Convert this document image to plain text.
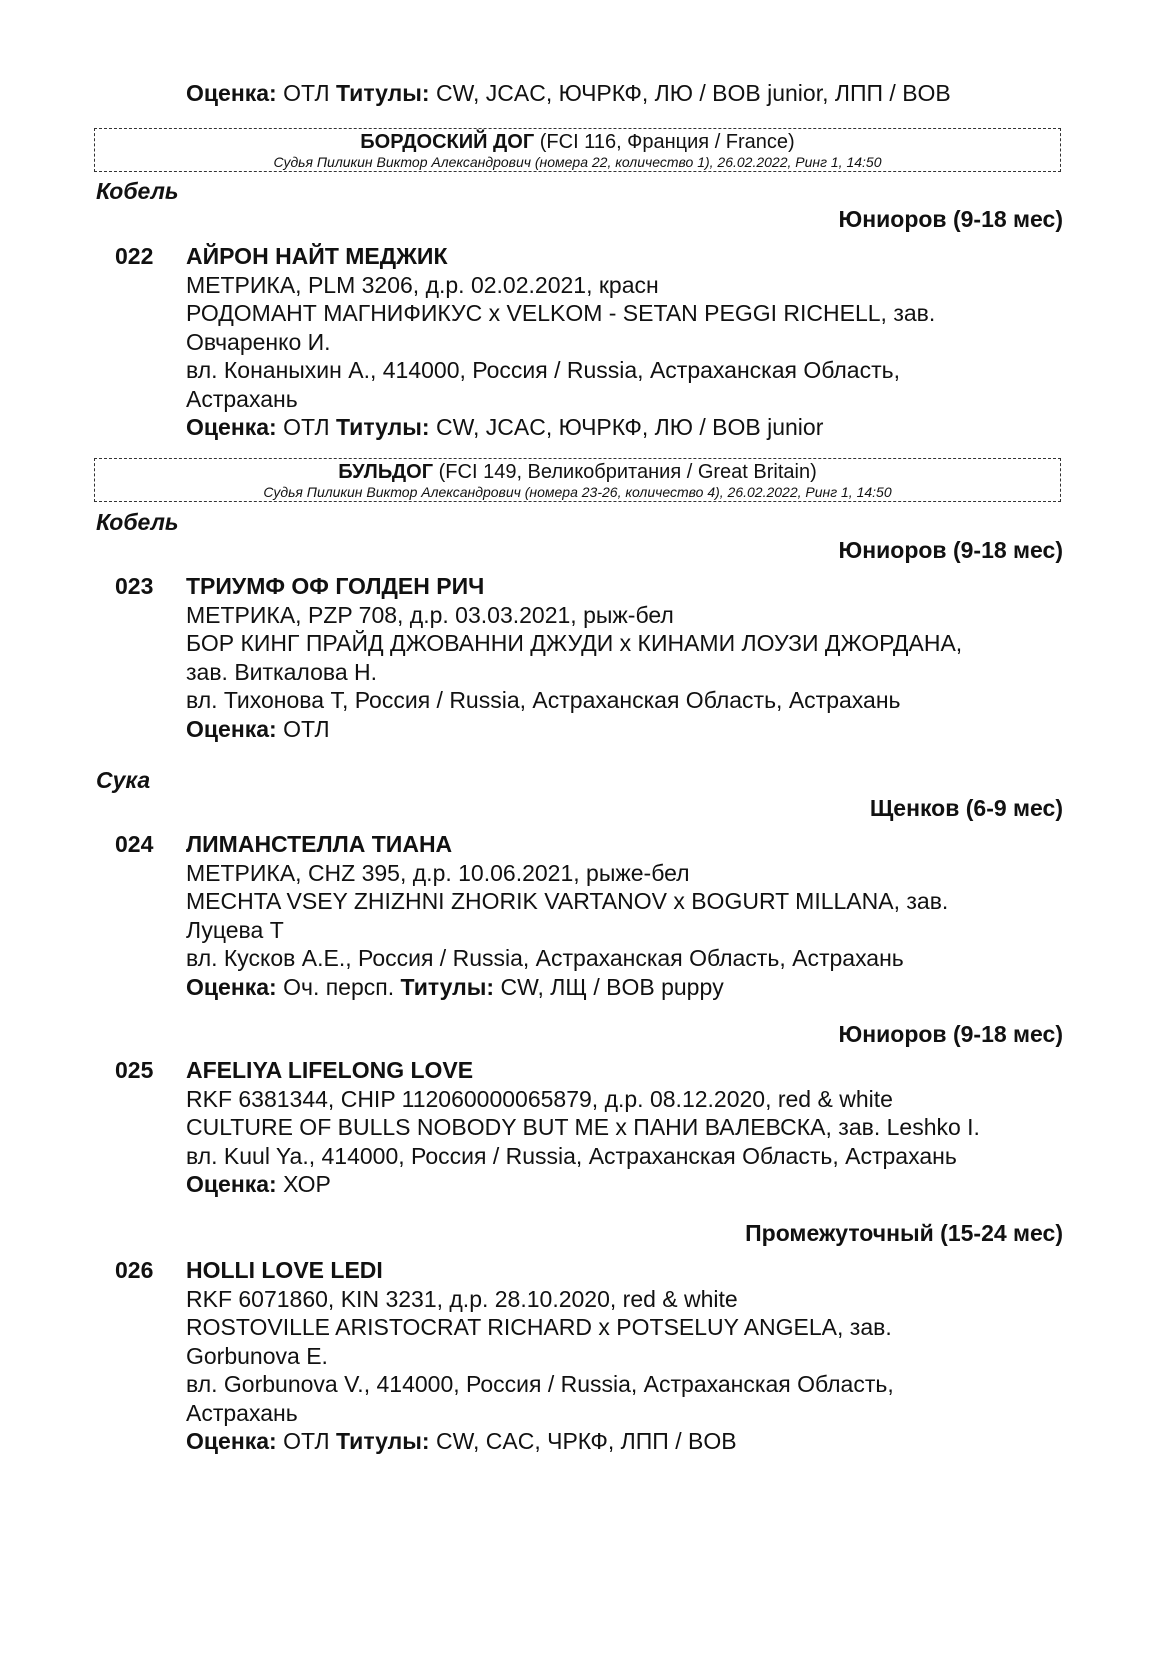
Оценка: ОТЛ Титулы: CW, JCAC, ЮЧРКФ, ЛЮ / BOB junior, ЛПП / BOB
БОРДОСКИЙ ДОГ (FCI 116, Франция / France)
Судья Пиликин Виктор Александрович (номера 22, количество 1), 26.02.2022, Ринг 1, 14:50
Кобель
Юниоров (9-18 мес)
022 АЙРОН НАЙТ МЕДЖИК
МЕТРИКА, PLM 3206, д.р. 02.02.2021, красн
РОДОМАНТ МАГНИФИКУС x VELKOM - SETAN PEGGI RICHELL, зав.
Овчаренко И.
вл. Конаныхин А., 414000, Россия / Russia, Астраханская Область,
Астрахань
Оценка: ОТЛ Титулы: CW, JCAC, ЮЧРКФ, ЛЮ / BOB junior
БУЛЬДОГ (FCI 149, Великобритания / Great Britain)
Судья Пиликин Виктор Александрович (номера 23-26, количество 4), 26.02.2022, Ринг 1, 14:50
Кобель
Юниоров (9-18 мес)
023 ТРИУМФ ОФ ГОЛДЕН РИЧ
МЕТРИКА, PZP 708, д.р. 03.03.2021, рыж-бел
БОР КИНГ ПРАЙД ДЖОВАННИ ДЖУДИ x КИНАМИ ЛОУЗИ ДЖОРДАНА,
зав. Виткалова Н.
вл. Тихонова Т, Россия / Russia, Астраханская Область, Астрахань
Оценка: ОТЛ
Сука
Щенков (6-9 мес)
024 ЛИМАНСТЕЛЛА ТИАНА
МЕТРИКА, CHZ 395, д.р. 10.06.2021, рыже-бел
MECHTA VSEY ZHIZHNI ZHORIK VARTANOV x BOGURT MILLANA, зав.
Луцева Т
вл. Кусков А.Е., Россия / Russia, Астраханская Область, Астрахань
Оценка: Оч. персп. Титулы: CW, ЛЩ / BOB puppy
Юниоров (9-18 мес)
025 AFELIYA LIFELONG LOVE
RKF 6381344, CHIP 112060000065879, д.р. 08.12.2020, red & white
CULTURE OF BULLS NOBODY BUT ME x ПАНИ ВАЛЕВСКА, зав. Leshko I.
вл. Kuul Ya., 414000, Россия / Russia, Астраханская Область, Астрахань
Оценка: ХОР
Промежуточный (15-24 мес)
026 HOLLI LOVE LEDI
RKF 6071860, KIN 3231, д.р. 28.10.2020, red & white
ROSTOVILLE ARISTOCRAT RICHARD x POTSELUY ANGELA, зав.
Gorbunova E.
вл. Gorbunova V., 414000, Россия / Russia, Астраханская Область,
Астрахань
Оценка: ОТЛ Титулы: CW, CAC, ЧРКФ, ЛПП / BOB
